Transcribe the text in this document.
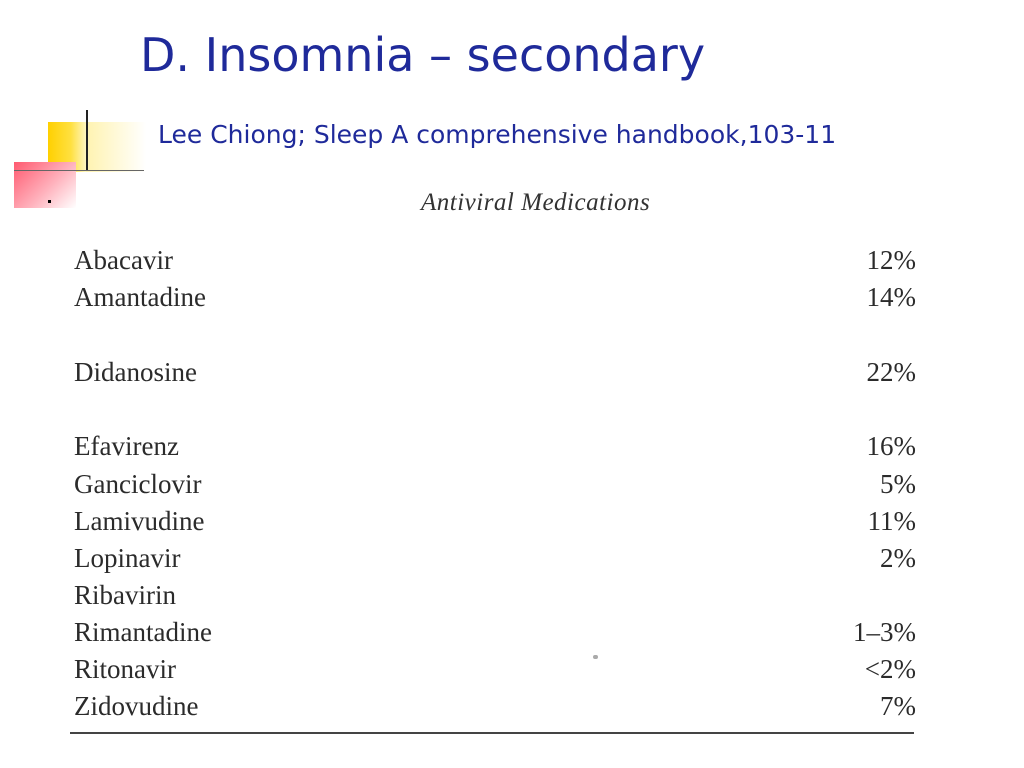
D. Insomnia – secondary
Lee Chiong; Sleep A comprehensive handbook,103-11
Antiviral Medications
Abacavir	12%
Amantadine	14%
Didanosine	22%
Efavirenz	16%
Ganciclovir	5%
Lamivudine	11%
Lopinavir	2%
Ribavirin
Rimantadine	1–3%
Ritonavir	<2%
Zidovudine	7%
